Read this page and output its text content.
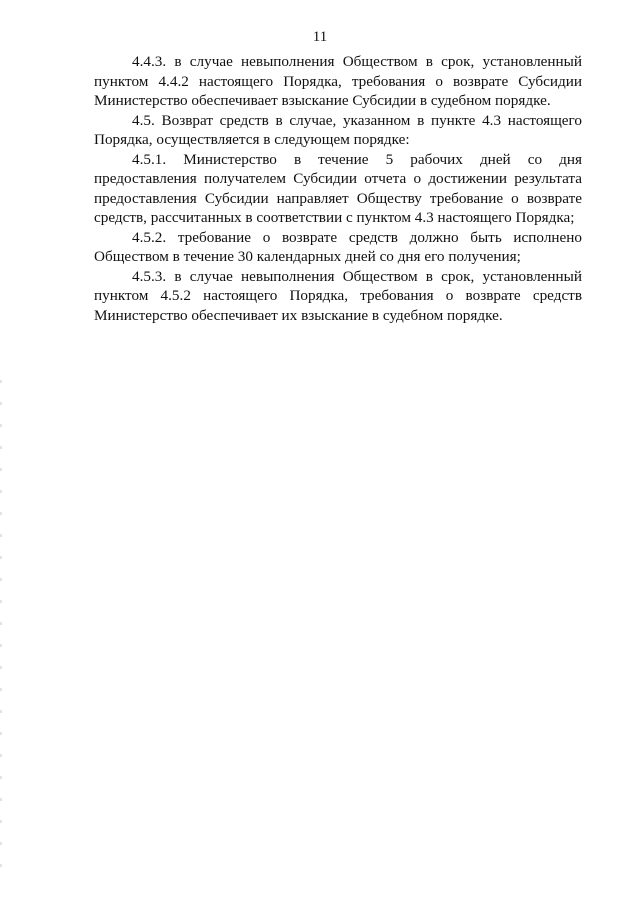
11

4.4.3. в случае невыполнения Обществом в срок, установленный пунктом 4.4.2 настоящего Порядка, требования о возврате Субсидии Министерство обеспечивает взыскание Субсидии в судебном порядке.

4.5. Возврат средств в случае, указанном в пункте 4.3 настоящего Порядка, осуществляется в следующем порядке:

4.5.1. Министерство в течение 5 рабочих дней со дня предоставления получателем Субсидии отчета о достижении результата предоставления Субсидии направляет Обществу требование о возврате средств, рассчитанных в соответствии с пунктом 4.3 настоящего Порядка;

4.5.2. требование о возврате средств должно быть исполнено Обществом в течение 30 календарных дней со дня его получения;

4.5.3. в случае невыполнения Обществом в срок, установленный пунктом 4.5.2 настоящего Порядка, требования о возврате средств Министерство обеспечивает их взыскание в судебном порядке.
